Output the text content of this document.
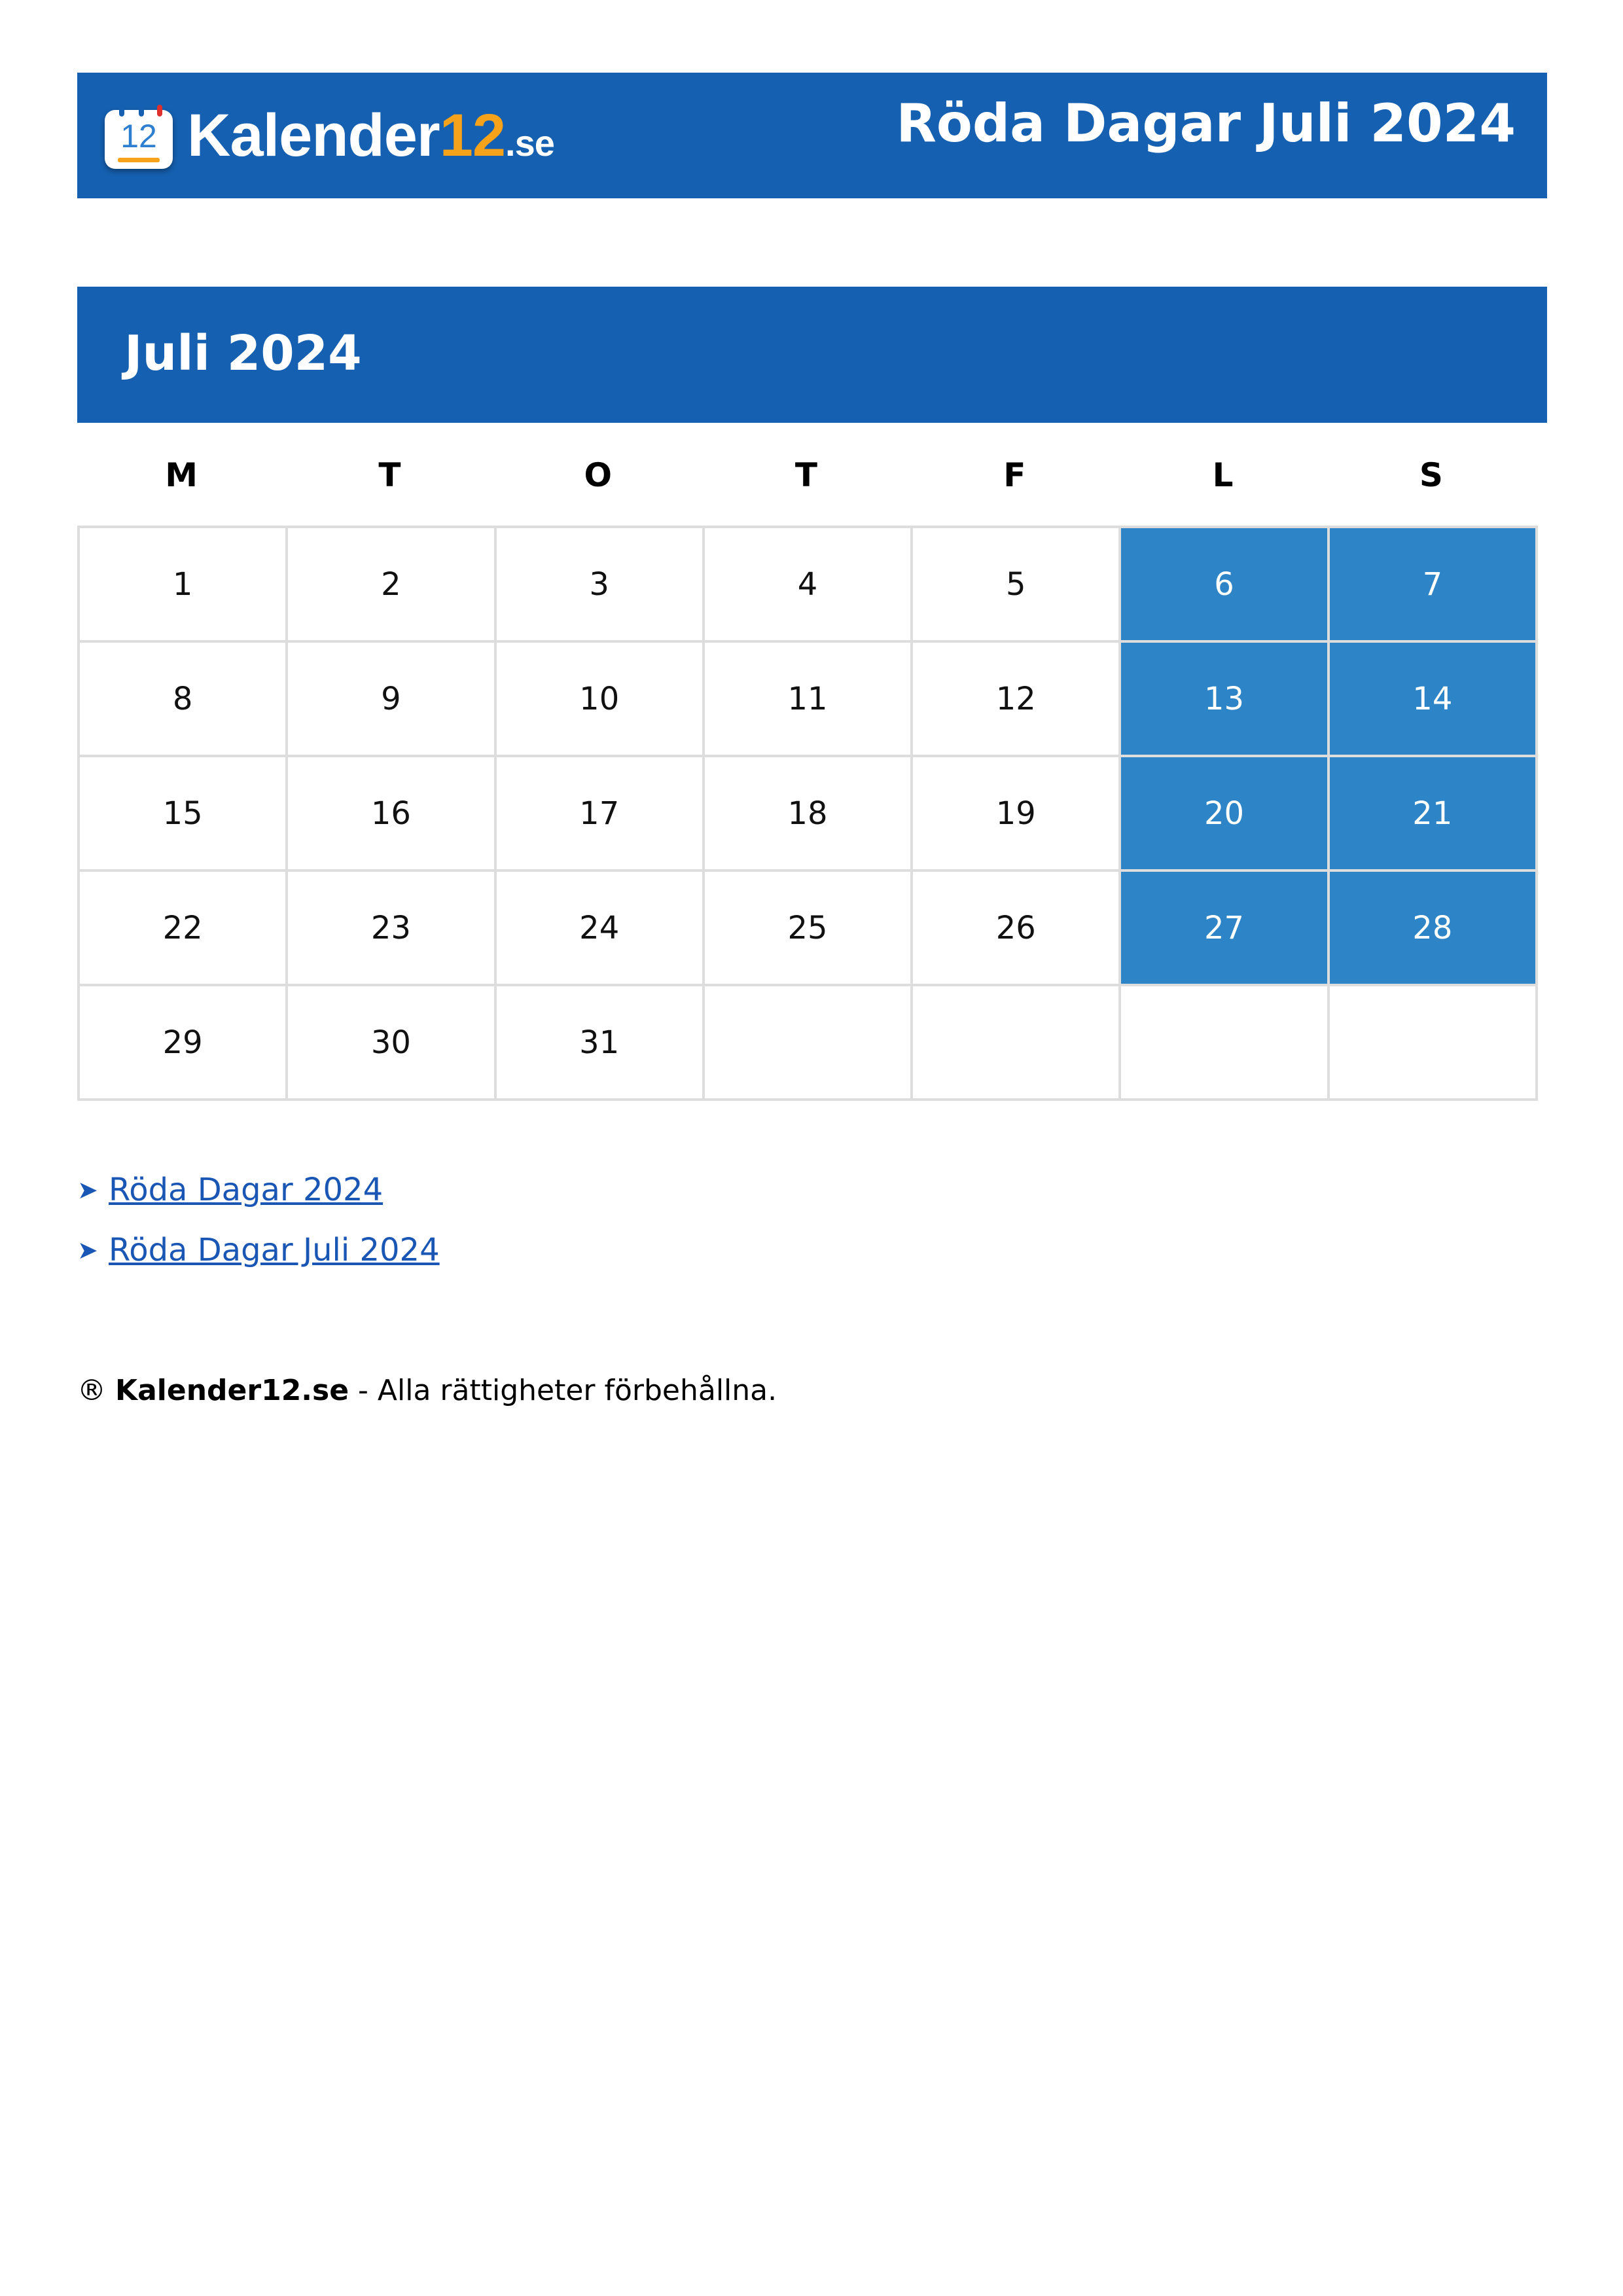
12 Kalender12.se	Röda Dagar Juli 2024
Juli 2024
M	T	O	T	F	L	S
1	2	3	4	5	6	7
8	9	10	11	12	13	14
15	16	17	18	19	20	21
22	23	24	25	26	27	28
29	30	31				
➤ Röda Dagar 2024
➤ Röda Dagar Juli 2024
® Kalender12.se - Alla rättigheter förbehållna.
